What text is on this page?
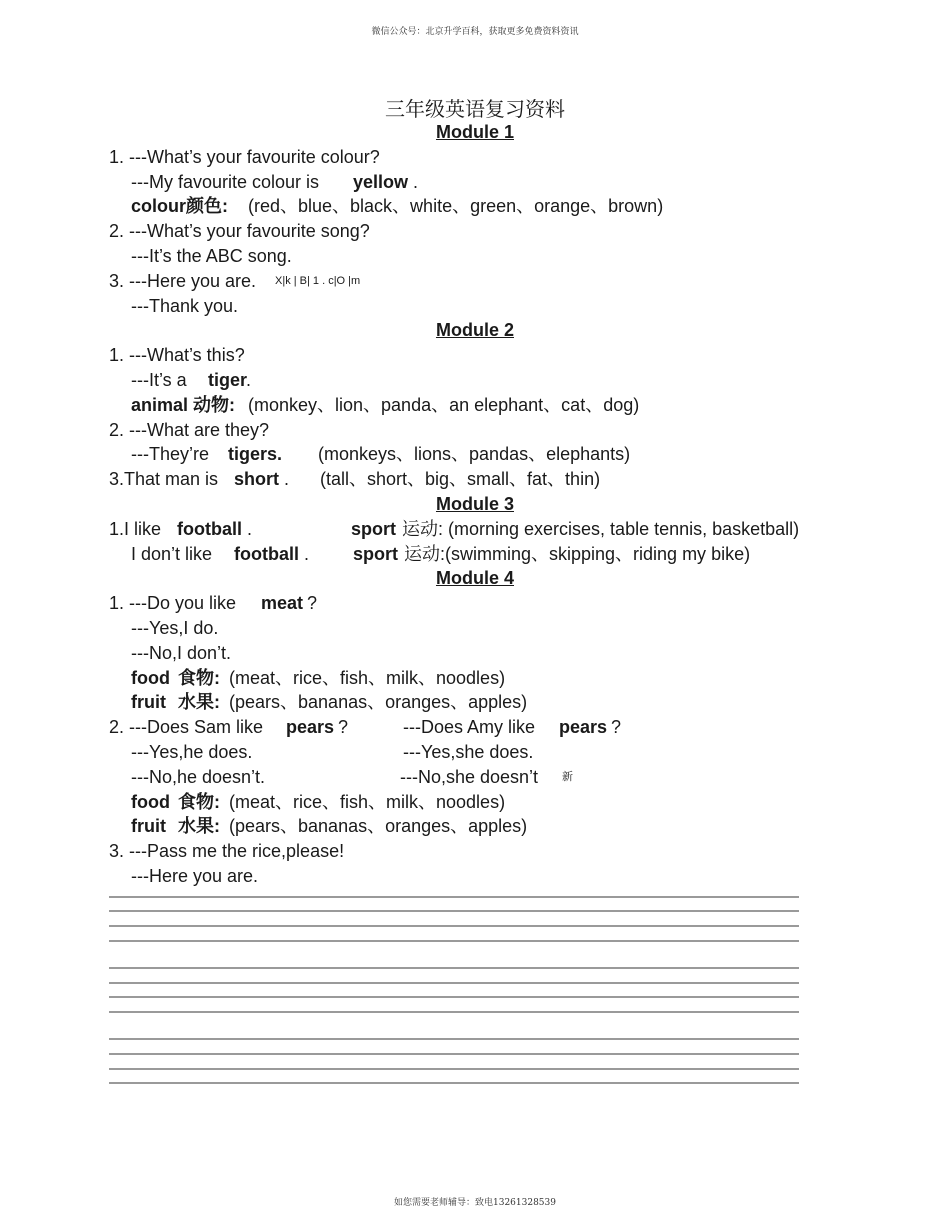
微信公众号：北京升学百科，获取更多免费资料资讯
三年级英语复习资料
Module 1
1. ---What’s your favourite colour?
---My favourite colour is yellow .
colour颜色: (red、blue、black、white、green、orange、brown)
2. ---What’s your favourite song?
---It’s the ABC song.
3. ---Here you are. X|k | B| 1 . c|O |m
---Thank you.
Module 2
1. ---What’s this?
---It’s a tiger
.
animal 动物: (monkey、lion、panda、an elephant、cat、dog)
2. ---What are they?
---They’re tigers. (monkeys、lions、pandas、elephants)
3.That man is short . (tall、short、big、small、fat、thin)
Module 3
1.I like football .	sport 运动: (morning exercises, table tennis, basketball)
I don’t like football . sport 运动:(swimming、skipping、riding my bike)
Module 4
1. ---Do you like meat ?
---Yes,I do.
---No,I don’t.
food 食物: (meat、rice、fish、milk、noodles)
fruit 水果: (pears、bananas、oranges、apples)
2. ---Does Sam like pears ?	---Does Amy like pears ?
---Yes,he does.	---Yes,she does.
---No,he doesn’t.	---No,she doesn’t 新
food 食物: (meat、rice、fish、milk、noodles)
fruit 水果: (pears、bananas、oranges、apples)
3. ---Pass me the rice,please!
---Here you are.
如您需要老师辅导：致电13261328539
